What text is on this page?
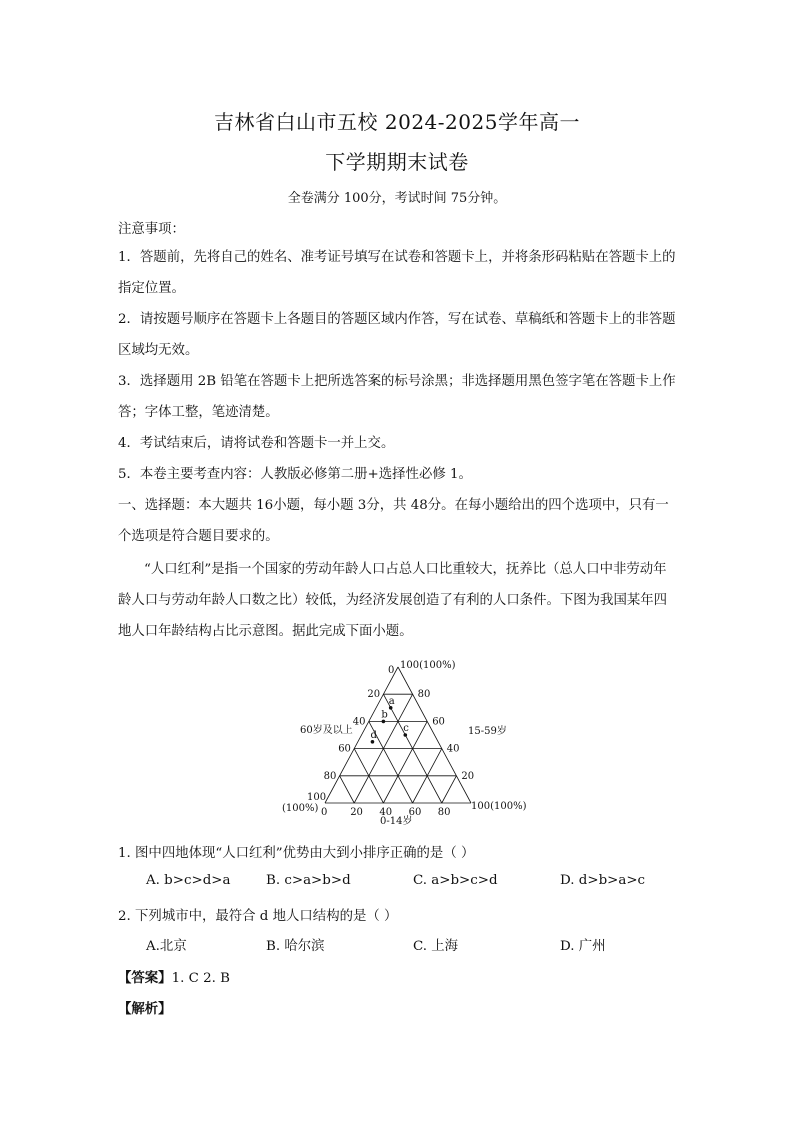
吉林省白山市五校 2024-2025学年高一
下学期期末试卷
全卷满分 100分，考试时间 75分钟。
注意事项：
1．答题前，先将自己的姓名、准考证号填写在试卷和答题卡上，并将条形码粘贴在答题卡上的指定位置。
2．请按题号顺序在答题卡上各题目的答题区域内作答，写在试卷、草稿纸和答题卡上的非答题区域均无效。
3．选择题用 2B 铅笔在答题卡上把所选答案的标号涂黑；非选择题用黑色签字笔在答题卡上作答；字体工整，笔迹清楚。
4．考试结束后，请将试卷和答题卡一并上交。
5．本卷主要考查内容：人教版必修第二册+选择性必修 1。
一、选择题：本大题共 16小题，每小题 3分，共 48分。在每小题给出的四个选项中，只有一个选项是符合题目要求的。
“人口红利”是指一个国家的劳动年龄人口占总人口比重较大，抚养比（总人口中非劳动年龄人口与劳动年龄人口数之比）较低，为经济发展创造了有利的人口条件。下图为我国某年四地人口年龄结构占比示意图。据此完成下面小题。
100(100%)
0
60岁及以上	15-59岁
100
(100%)	100(100%)
0-14岁
20
40
60
80
80
60
40
20
0 20 40 60 80
a
b
c
d
1. 图中四地体现“人口红利”优势由大到小排序正确的是（ ）
A. b>c>d>a	B. c>a>b>d	C. a>b>c>d	D. d>b>a>c
2. 下列城市中，最符合 d 地人口结构的是（ ）
A.北京	B. 哈尔滨	C. 上海	D. 广州
【答案】1. C 2. B
【解析】
